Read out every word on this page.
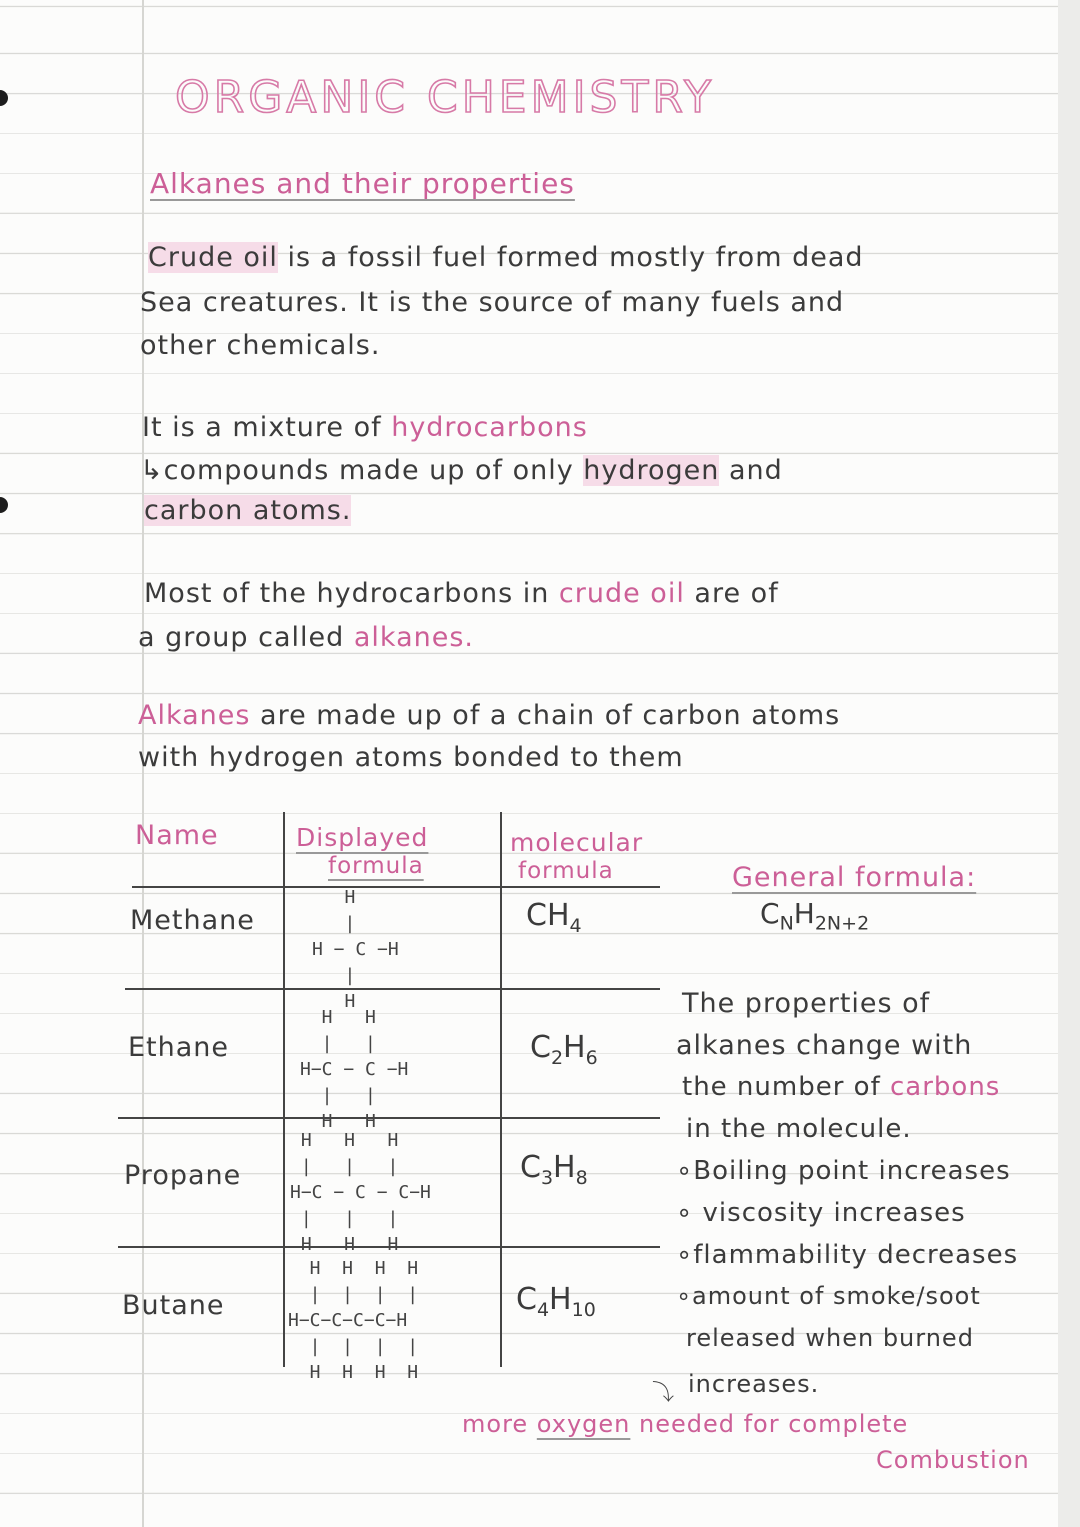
ORGANIC CHEMISTRY
Alkanes and their properties
Crude oil is a fossil fuel formed mostly from dead
Sea creatures. It is the source of many fuels and
other chemicals.
It is a mixture of hydrocarbons
↳compounds made up of only hydrogen and
carbon atoms.
Most of the hydrocarbons in crude oil are of
a group called alkanes.
Alkanes are made up of a chain of carbon atoms
with hydrogen atoms bonded to them
Name	Displayed
formula
molecular
formula
Methane
H
|
H − C −H
|
H
$CH_4$
Ethane
H   H
|   |
H−C − C −H
|   |
H   H
$C_2H_6$
Propane
H   H   H
|   |   |
H−C − C − C−H
|   |   |
H   H   H
$C_3H_8$
Butane
H  H  H  H
|  |  |  |
H−C−C−C−C−H
|  |  |  |
H  H  H  H
$C_4H_{10}$
General formula:
$C_NH_{2N+2}$
The properties of
alkanes change with
the number of carbons
in the molecule.
∘Boiling point increases
∘ viscosity increases
∘flammability decreases
∘amount of smoke/soot
released when burned
⤵ increases.
more oxygen needed for complete
Combustion
